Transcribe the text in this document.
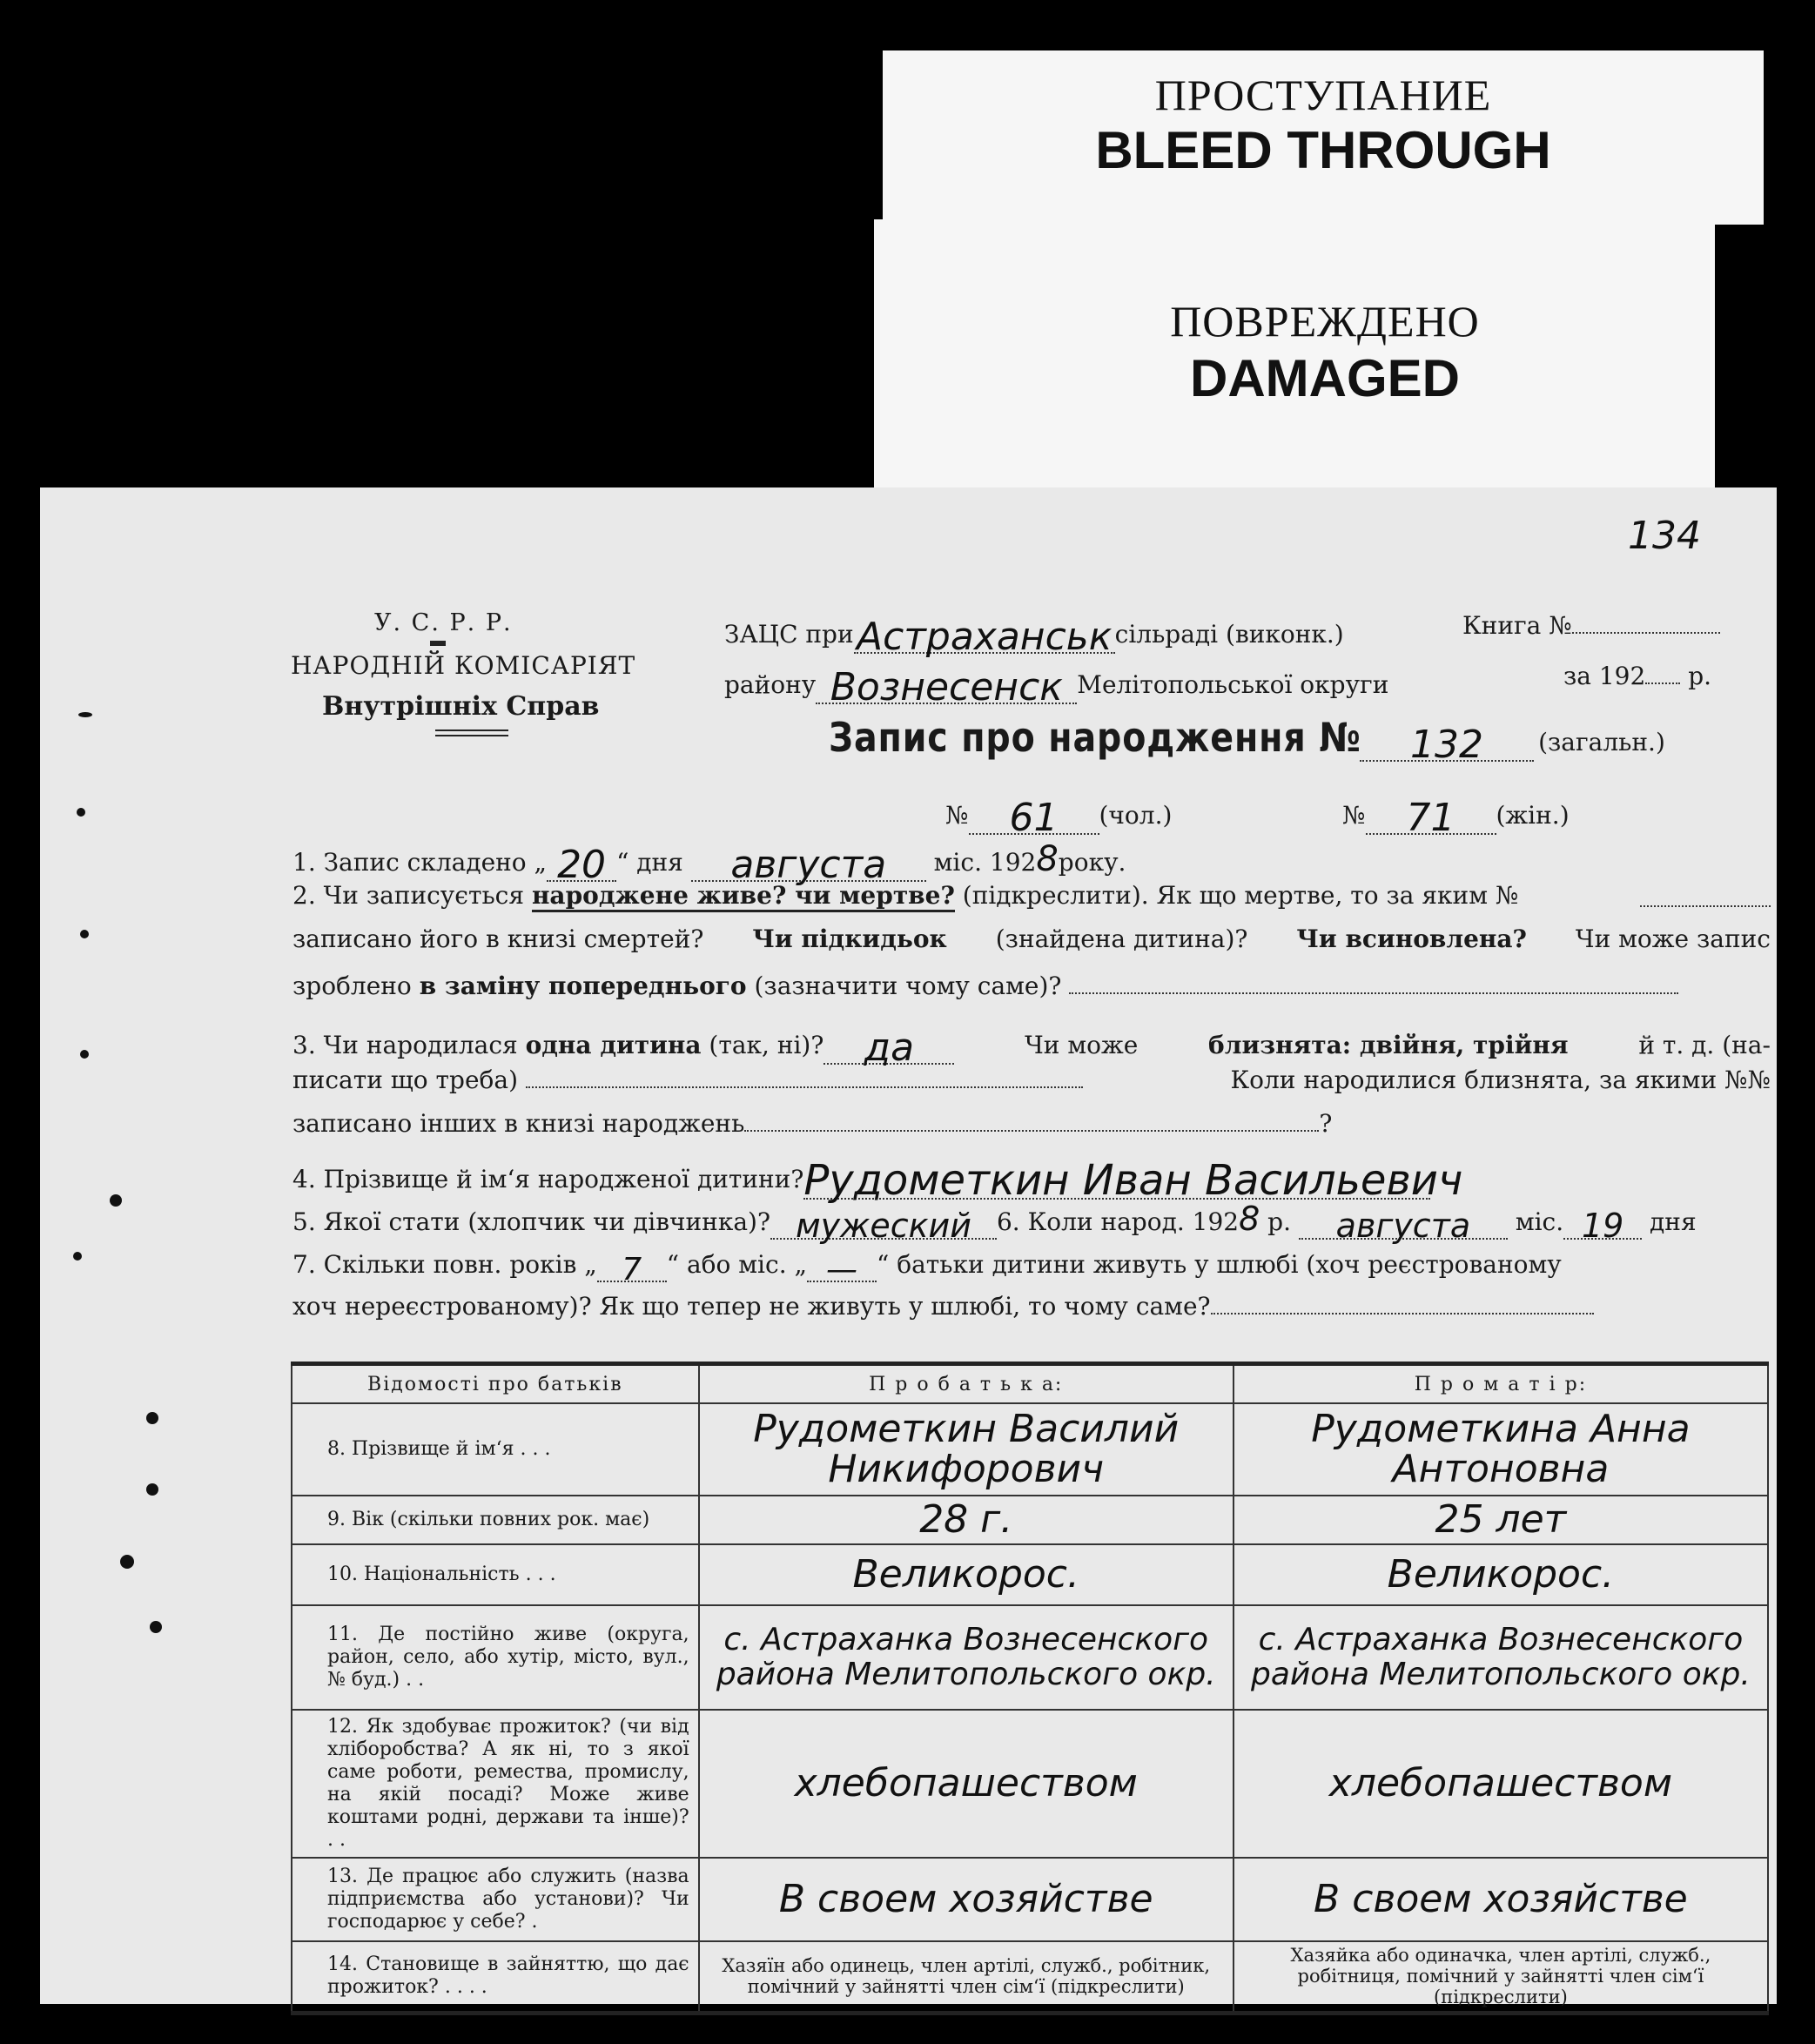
ПРОСТУПАНИЕ
BLEED THROUGH
ПОВРЕЖДЕНО
DAMAGED
134
У. С. Р. Р.
НАРОДНІЙ КОМІСАРІЯТ
Внутрішніх Справ
ЗАЦС приАстраханськ сільраді (виконк.)	Книга №
району Вознесенск Мелітопольської округи	за 192 р.
Запис про народження №	132 (загальн.)
№ 61 (чол.)	№ 71 (жін.)
1. Запис складено „ 20 “ дня августа міс. 1928року.
2. Чи записується народжене живе? чи мертве? (підкреслити). Як що мертве, то за яким №
записано його в книзі смертей? Чи підкидьок (знайдена дитина)? Чи всиновлена? Чи може запис
зроблено в заміну попереднього (зазначити чому саме)?
3. Чи народилася одна дитина (так, ні)? да	Чи може	близнята: двійня, трійня	й т. д. (на-
писати що треба)	Коли народилися близнята, за якими №№
записано інших в книзі народжень	?
4. Прізвище й ім‘я народженої дитини?Рудометкин Иван Васильевич
5. Якої стати (хлопчик чи дівчинка)? мужеский 6. Коли народ. 1928 р. августа міс. 19 дня
7. Скільки повн. років „ 7 “ або міс. „ — “ батьки дитини живуть у шлюбі (хоч реєстрованому
хоч нереєстрованому)? Як що тепер не живуть у шлюбі, то чому саме?
Відомості про батьків	П р о б а т ь к а:	П р о м а т і р:
8. Прізвище й ім‘я . . .	Рудометкин Василий Никифорович	Рудометкина Анна Антоновна

9. Вік (скільки повних рок. має)	28 г.	25 лет

10. Національність . . .	Великорос.	Великорос.

11. Де постійно живе (округа, район, село, або хутір, місто, вул., № буд.) . .	с. Астраханка Вознесенского района Мелитопольского окр.	с. Астраханка Вознесенского района Мелитопольского окр.

12. Як здобуває прожиток? (чи від хліборобства? А як ні, то з якої саме роботи, ремества, промислу, на якій посаді? Може живе коштами родні, держави та інше)? . .	хлебопашеством	хлебопашеством

13. Де працює або служить (назва підприємства або установи)? Чи господарює у себе? .	В своем хозяйстве	В своем хозяйстве

14. Становище в зайняттю, що дає прожиток? . . . .	Хазяїн або одинець, член артілі, служб., робітник, помічний у зайнятті член сім‘ї (підкреслити)	Хазяйка або одиначка, член артілі, служб., робітниця, помічний у зайнятті член сім‘ї (підкреслити)
